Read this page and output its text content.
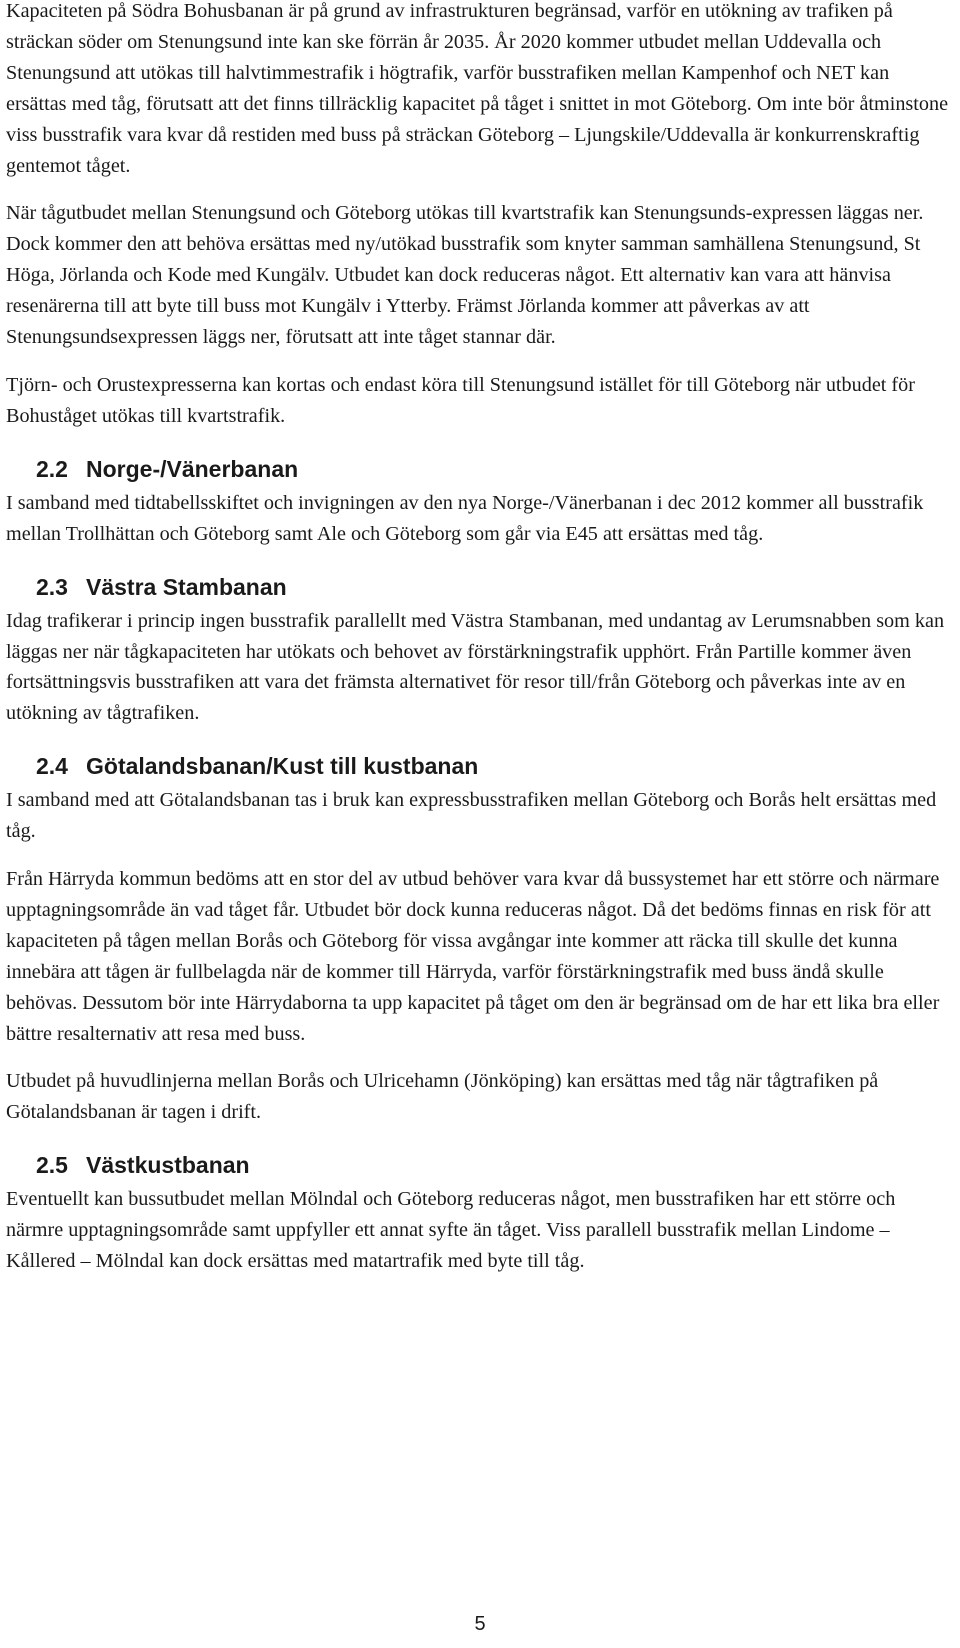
Kapaciteten på Södra Bohusbanan är på grund av infrastrukturen begränsad, varför en utökning av trafiken på sträckan söder om Stenungsund inte kan ske förrän år 2035. År 2020 kommer utbudet mellan Uddevalla och Stenungsund att utökas till halvtimmestrafik i högtrafik, varför busstrafiken mellan Kampenhof och NET kan ersättas med tåg, förutsatt att det finns tillräcklig kapacitet på tåget i snittet in mot Göteborg. Om inte bör åtminstone viss busstrafik vara kvar då restiden med buss på sträckan Göteborg – Ljungskile/Uddevalla är konkurrenskraftig gentemot tåget.

När tågutbudet mellan Stenungsund och Göteborg utökas till kvartstrafik kan Stenungsunds-expressen läggas ner. Dock kommer den att behöva ersättas med ny/utökad busstrafik som knyter samman samhällena Stenungsund, St Höga, Jörlanda och Kode med Kungälv. Utbudet kan dock reduceras något. Ett alternativ kan vara att hänvisa resenärerna till att byte till buss mot Kungälv i Ytterby. Främst Jörlanda kommer att påverkas av att Stenungsundsexpressen läggs ner, förutsatt att inte tåget stannar där.

Tjörn- och Orustexpresserna kan kortas och endast köra till Stenungsund istället för till Göteborg när utbudet för Bohuståget utökas till kvartstrafik.

2.2 Norge-/Vänerbanan

I samband med tidtabellsskiftet och invigningen av den nya Norge-/Vänerbanan i dec 2012 kommer all busstrafik mellan Trollhättan och Göteborg samt Ale och Göteborg som går via E45 att ersättas med tåg.

2.3 Västra Stambanan

Idag trafikerar i princip ingen busstrafik parallellt med Västra Stambanan, med undantag av Lerumsnabben som kan läggas ner när tågkapaciteten har utökats och behovet av förstärkningstrafik upphört. Från Partille kommer även fortsättningsvis busstrafiken att vara det främsta alternativet för resor till/från Göteborg och påverkas inte av en utökning av tågtrafiken.

2.4 Götalandsbanan/Kust till kustbanan

I samband med att Götalandsbanan tas i bruk kan expressbusstrafiken mellan Göteborg och Borås helt ersättas med tåg.

Från Härryda kommun bedöms att en stor del av utbud behöver vara kvar då bussystemet har ett större och närmare upptagningsområde än vad tåget får. Utbudet bör dock kunna reduceras något. Då det bedöms finnas en risk för att kapaciteten på tågen mellan Borås och Göteborg för vissa avgångar inte kommer att räcka till skulle det kunna innebära att tågen är fullbelagda när de kommer till Härryda, varför förstärkningstrafik med buss ändå skulle behövas. Dessutom bör inte Härrydaborna ta upp kapacitet på tåget om den är begränsad om de har ett lika bra eller bättre resalternativ att resa med buss.

Utbudet på huvudlinjerna mellan Borås och Ulricehamn (Jönköping) kan ersättas med tåg när tågtrafiken på Götalandsbanan är tagen i drift.

2.5 Västkustbanan

Eventuellt kan bussutbudet mellan Mölndal och Göteborg reduceras något, men busstrafiken har ett större och närmre upptagningsområde samt uppfyller ett annat syfte än tåget. Viss parallell busstrafik mellan Lindome – Kållered – Mölndal kan dock ersättas med matartrafik med byte till tåg.

5
